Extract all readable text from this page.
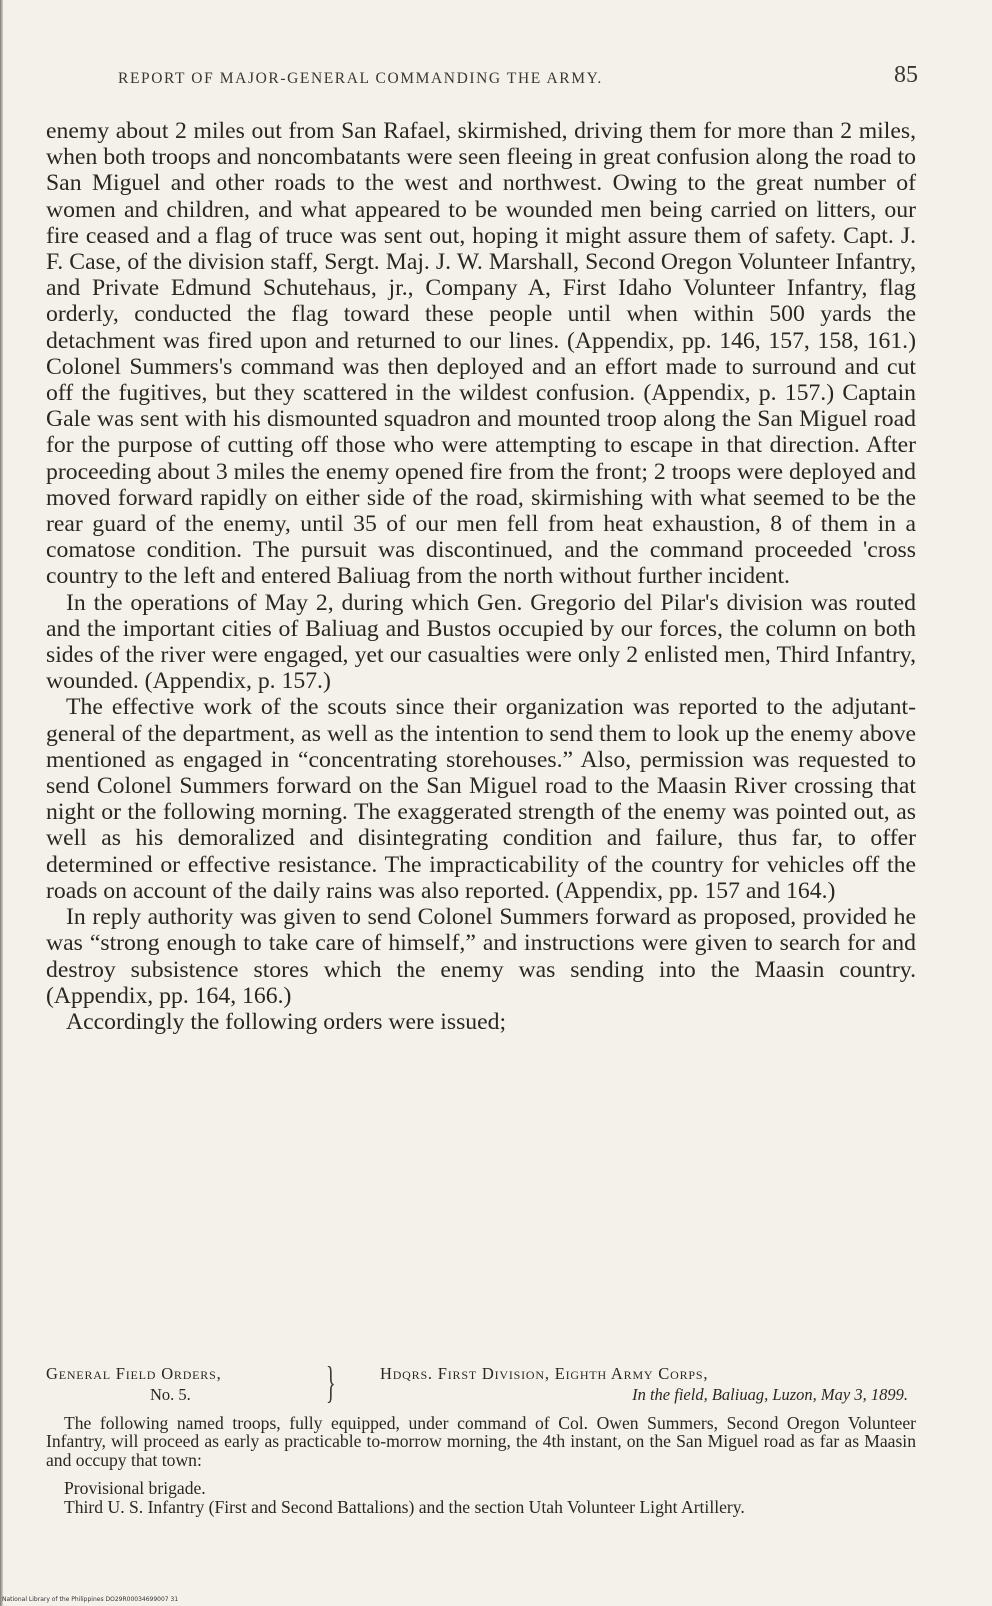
REPORT OF MAJOR-GENERAL COMMANDING THE ARMY.	85

enemy about 2 miles out from San Rafael, skirmished, driving them for more than 2 miles, when both troops and noncombatants were seen fleeing in great confusion along the road to San Miguel and other roads to the west and northwest. Owing to the great number of women and children, and what appeared to be wounded men being carried on litters, our fire ceased and a flag of truce was sent out, hoping it might assure them of safety. Capt. J. F. Case, of the division staff, Sergt. Maj. J. W. Marshall, Second Oregon Volunteer Infantry, and Private Edmund Schutehaus, jr., Company A, First Idaho Volunteer Infantry, flag orderly, conducted the flag toward these people until when within 500 yards the detachment was fired upon and returned to our lines. (Appendix, pp. 146, 157, 158, 161.) Colonel Summers's command was then deployed and an effort made to surround and cut off the fugitives, but they scattered in the wildest confusion. (Appendix, p. 157.) Captain Gale was sent with his dismounted squadron and mounted troop along the San Miguel road for the purpose of cutting off those who were attempting to escape in that direction. After proceeding about 3 miles the enemy opened fire from the front; 2 troops were deployed and moved forward rapidly on either side of the road, skirmishing with what seemed to be the rear guard of the enemy, until 35 of our men fell from heat exhaustion, 8 of them in a comatose condition. The pursuit was discontinued, and the command proceeded 'cross country to the left and entered Baliuag from the north without further incident.

In the operations of May 2, during which Gen. Gregorio del Pilar's division was routed and the important cities of Baliuag and Bustos occupied by our forces, the column on both sides of the river were engaged, yet our casualties were only 2 enlisted men, Third Infantry, wounded. (Appendix, p. 157.)

The effective work of the scouts since their organization was reported to the adjutant-general of the department, as well as the intention to send them to look up the enemy above mentioned as engaged in “concentrating storehouses.” Also, permission was requested to send Colonel Summers forward on the San Miguel road to the Maasin River crossing that night or the following morning. The exaggerated strength of the enemy was pointed out, as well as his demoralized and disintegrating condition and failure, thus far, to offer determined or effective resistance. The impracticability of the country for vehicles off the roads on account of the daily rains was also reported. (Appendix, pp. 157 and 164.)

In reply authority was given to send Colonel Summers forward as proposed, provided he was “strong enough to take care of himself,” and instructions were given to search for and destroy subsistence stores which the enemy was sending into the Maasin country. (Appendix, pp. 164, 166.)

Accordingly the following orders were issued;

General Field Orders,
No. 5.	}	Hdqrs. First Division, Eighth Army Corps,
In the field, Baliuag, Luzon, May 3, 1899.

The following named troops, fully equipped, under command of Col. Owen Summers, Second Oregon Volunteer Infantry, will proceed as early as practicable to-morrow morning, the 4th instant, on the San Miguel road as far as Maasin and occupy that town:

Provisional brigade.

Third U. S. Infantry (First and Second Battalions) and the section Utah Volunteer Light Artillery.

National Library of the Philippines DO29R00034699007 31
